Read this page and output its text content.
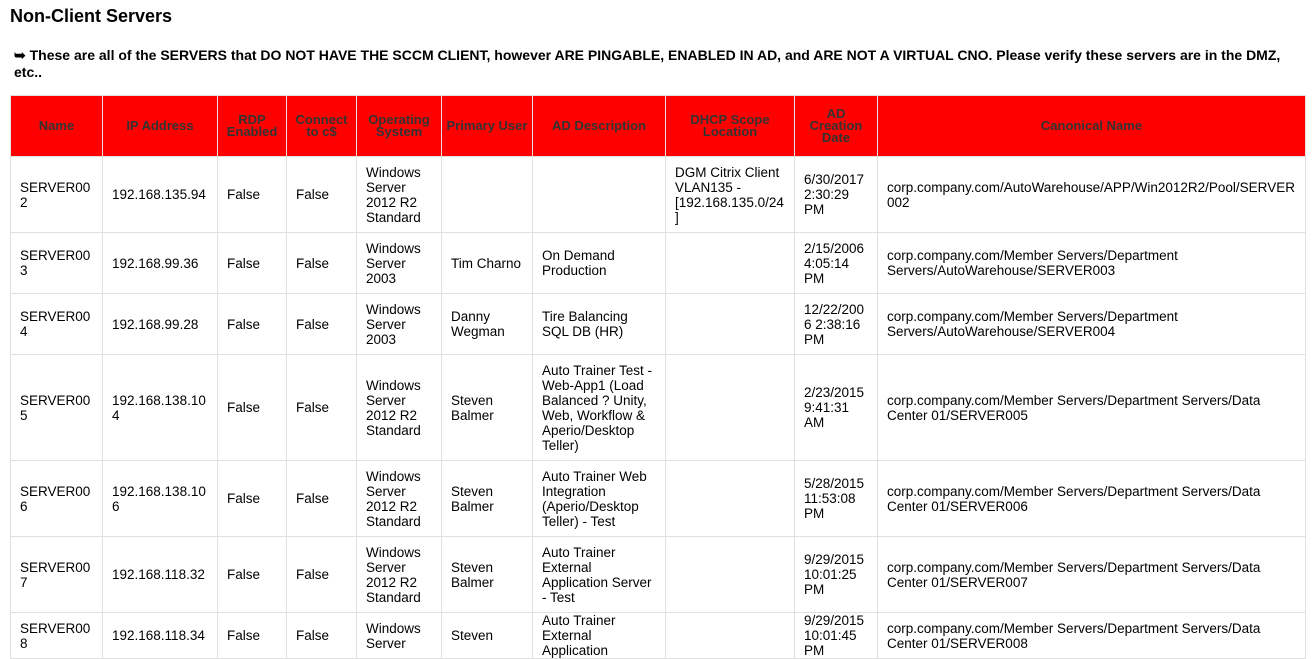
Non-Client Servers
➥ These are all of the SERVERS that DO NOT HAVE THE SCCM CLIENT, however ARE PINGABLE, ENABLED IN AD, and ARE NOT A VIRTUAL CNO. Please verify these servers are in the DMZ, etc..
Name	IP Address	RDP Enabled	Connect to c$	Operating System	Primary User	AD Description	DHCP Scope Location	AD Creation Date	Canonical Name
SERVER002	192.168.135.94	False	False	Windows Server 2012 R2 Standard			DGM Citrix Client VLAN135 - [192.168.135.0/24]	6/30/2017 2:30:29 PM	corp.company.com/AutoWarehouse/APP/Win2012R2/Pool/SERVER002
SERVER003	192.168.99.36	False	False	Windows Server 2003	Tim Charno	On Demand Production		2/15/2006 4:05:14 PM	corp.company.com/Member Servers/Department Servers/AutoWarehouse/SERVER003
SERVER004	192.168.99.28	False	False	Windows Server 2003	Danny Wegman	Tire Balancing SQL DB (HR)		12/22/2006 2:38:16 PM	corp.company.com/Member Servers/Department Servers/AutoWarehouse/SERVER004
SERVER005	192.168.138.104	False	False	Windows Server 2012 R2 Standard	Steven Balmer	Auto Trainer Test - Web-App1 (Load Balanced ? Unity, Web, Workflow & Aperio/Desktop Teller)		2/23/2015 9:41:31 AM	corp.company.com/Member Servers/Department Servers/Data Center 01/SERVER005
SERVER006	192.168.138.106	False	False	Windows Server 2012 R2 Standard	Steven Balmer	Auto Trainer Web Integration (Aperio/Desktop Teller) - Test		5/28/2015 11:53:08 PM	corp.company.com/Member Servers/Department Servers/Data Center 01/SERVER006
SERVER007	192.168.118.32	False	False	Windows Server 2012 R2 Standard	Steven Balmer	Auto Trainer External Application Server - Test		9/29/2015 10:01:25 PM	corp.company.com/Member Servers/Department Servers/Data Center 01/SERVER007
SERVER008	192.168.118.34	False	False	Windows Server	Steven	Auto Trainer External Application		9/29/2015 10:01:45 PM	corp.company.com/Member Servers/Department Servers/Data Center 01/SERVER008
